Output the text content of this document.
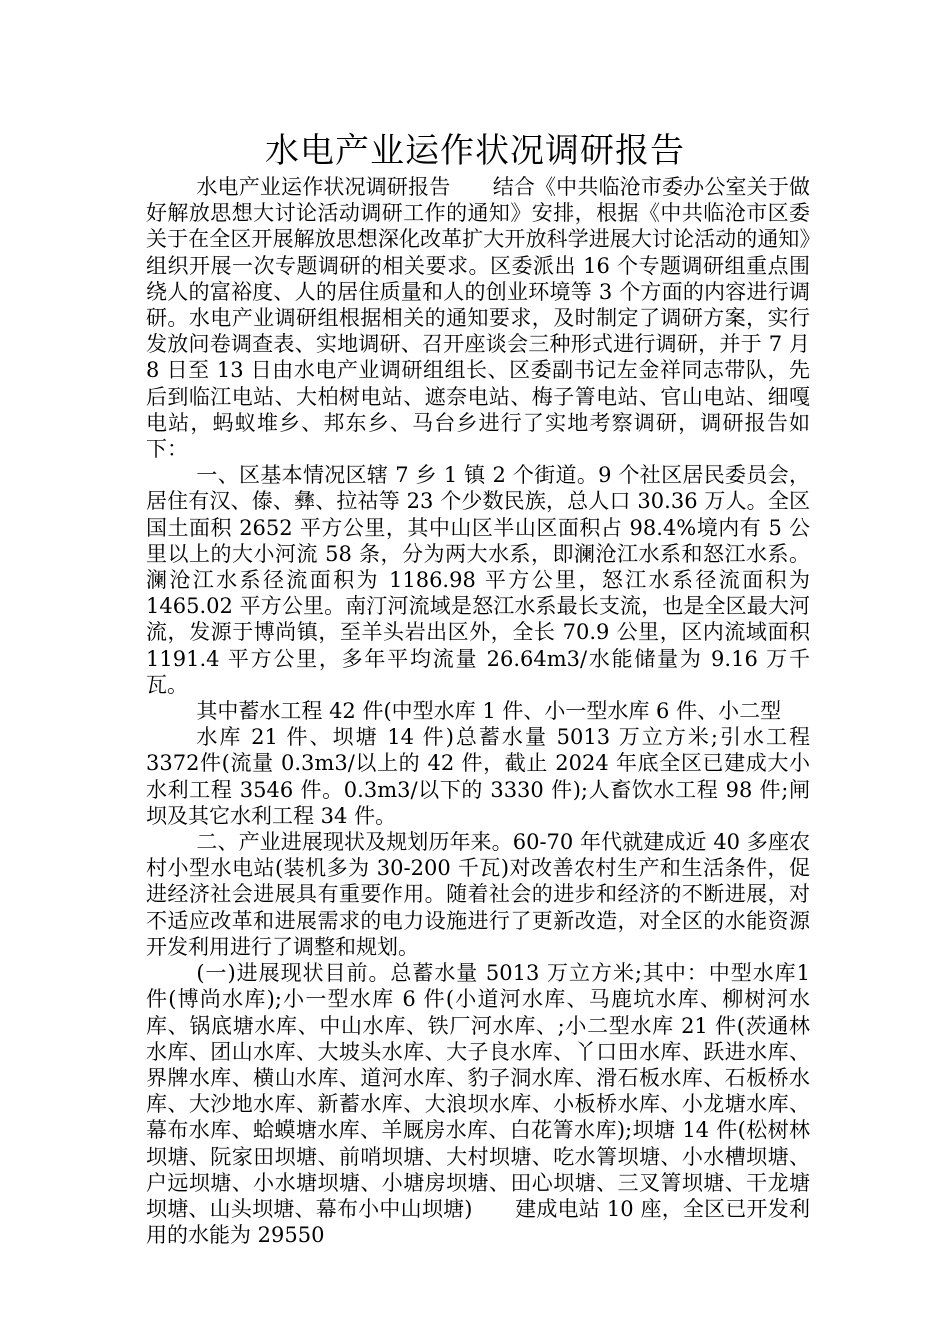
水电产业运作状况调研报告

水电产业运作状况调研报告　　结合《中共临沧市委办公室关于做好解放思想大讨论活动调研工作的通知》安排，根据《中共临沧市区委关于在全区开展解放思想深化改革扩大开放科学进展大讨论活动的通知》组织开展一次专题调研的相关要求。区委派出 16 个专题调研组重点围绕人的富裕度、人的居住质量和人的创业环境等 3 个方面的内容进行调研。水电产业调研组根据相关的通知要求，及时制定了调研方案，实行发放问卷调查表、实地调研、召开座谈会三种形式进行调研，并于 7 月 8 日至 13 日由水电产业调研组组长、区委副书记左金祥同志带队，先后到临江电站、大柏树电站、遮奈电站、梅子箐电站、官山电站、细嘎电站，蚂蚁堆乡、邦东乡、马台乡进行了实地考察调研，调研报告如下：

一、区基本情况区辖 7 乡 1 镇 2 个街道。9 个社区居民委员会，居住有汉、傣、彝、拉祜等 23 个少数民族，总人口 30.36 万人。全区国土面积 2652 平方公里，其中山区半山区面积占 98.4%境内有 5 公里以上的大小河流 58 条，分为两大水系，即澜沧江水系和怒江水系。澜沧江水系径流面积为 1186.98 平方公里，怒江水系径流面积为 1465.02 平方公里。南汀河流域是怒江水系最长支流，也是全区最大河流，发源于博尚镇，至羊头岩出区外，全长 70.9 公里，区内流域面积 1191.4 平方公里，多年平均流量 26.64m3/水能储量为 9.16 万千瓦。

其中蓄水工程 42 件(中型水库 1 件、小一型水库 6 件、小二型

水库 21 件、坝塘 14 件)总蓄水量 5013 万立方米;引水工程 3372件(流量 0.3m3/以上的 42 件，截止 2024 年底全区已建成大小水利工程 3546 件。0.3m3/以下的 3330 件);人畜饮水工程 98 件;闸坝及其它水利工程 34 件。

二、产业进展现状及规划历年来。60-70 年代就建成近 40 多座农村小型水电站(装机多为 30-200 千瓦)对改善农村生产和生活条件，促进经济社会进展具有重要作用。随着社会的进步和经济的不断进展，对不适应改革和进展需求的电力设施进行了更新改造，对全区的水能资源开发利用进行了调整和规划。

(一)进展现状目前。总蓄水量 5013 万立方米;其中：中型水库1 件(博尚水库);小一型水库 6 件(小道河水库、马鹿坑水库、柳树河水库、锅底塘水库、中山水库、铁厂河水库、;小二型水库 21 件(茨通林水库、团山水库、大坡头水库、大子良水库、丫口田水库、跃进水库、界牌水库、横山水库、道河水库、豹子洞水库、滑石板水库、石板桥水库、大沙地水库、新蓄水库、大浪坝水库、小板桥水库、小龙塘水库、幕布水库、蛤蟆塘水库、羊厩房水库、白花箐水库);坝塘 14 件(松树林坝塘、阮家田坝塘、前哨坝塘、大村坝塘、吃水箐坝塘、小水槽坝塘、户远坝塘、小水塘坝塘、小塘房坝塘、田心坝塘、三叉箐坝塘、干龙塘坝塘、山头坝塘、幕布小中山坝塘)　　建成电站 10 座，全区已开发利用的水能为 29550
